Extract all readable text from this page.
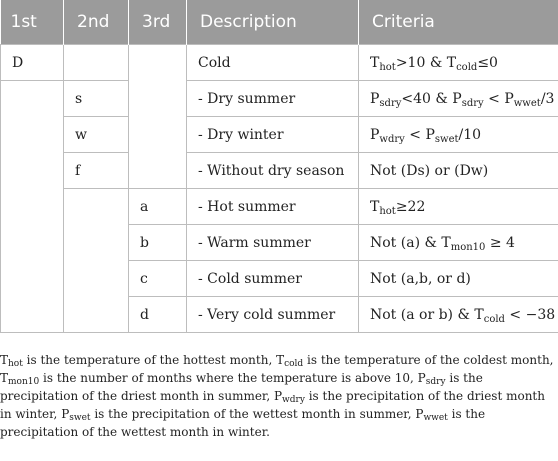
1st	2nd	3rd	Description	Criteria
D			Cold	$T_{hot}>10$ & $T_{cold}\le 0$
	s		- Dry summer	$P_{sdry}<40$ & $P_{sdry} < P_{wwet}/3$
	w		- Dry winter	$P_{wdry} < P_{swet}/10$
	f		- Without dry season	Not (Ds) or (Dw)
		a	- Hot summer	$T_{hot}\ge 22$
		b	- Warm summer	Not (a) & $T_{mon10} \ge 4$
		c	- Cold summer	Not (a,b, or d)
		d	- Very cold summer	Not (a or b) & $T_{cold} < -38$
$T_{hot}$ is the temperature of the hottest month, $T_{cold}$ is the temperature of the coldest month, $T_{mon10}$ is the number of months where the temperature is above 10, $P_{sdry}$ is the precipitation of the driest month in summer, $P_{wdry}$ is the precipitation of the driest month in winter, $P_{swet}$ is the precipitation of the wettest month in summer, $P_{wwet}$ is the precipitation of the wettest month in winter.
